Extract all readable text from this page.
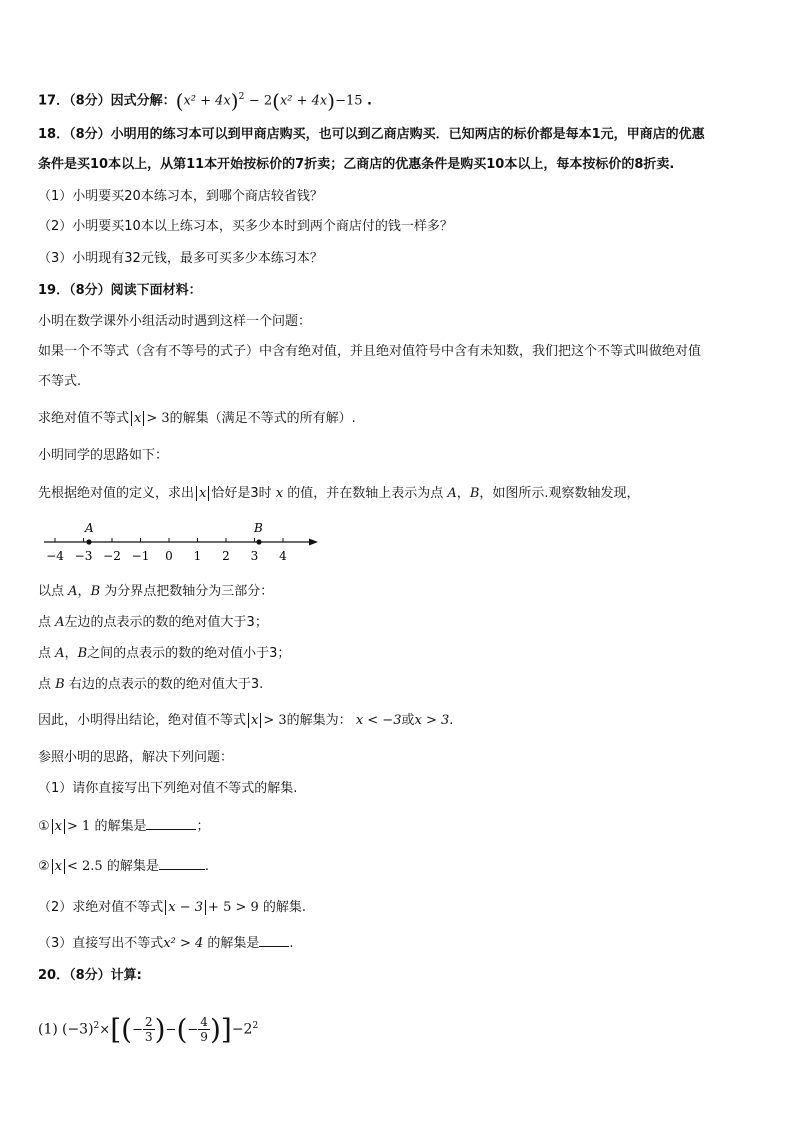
17．（8分）因式分解：$(x^2 + 4x)^2 - 2(x^2 + 4x)-15$ .
18．（8分）小明用的练习本可以到甲商店购买，也可以到乙商店购买．已知两店的标价都是每本1元，甲商店的优惠
条件是买10本以上，从第11本开始按标价的7折卖；乙商店的优惠条件是购买10本以上，每本按标价的8折卖.
（1）小明要买20本练习本，到哪个商店较省钱？
（2）小明要买10本以上练习本，买多少本时到两个商店付的钱一样多？
（3）小明现有32元钱，最多可买多少本练习本？
19．（8分）阅读下面材料：
小明在数学课外小组活动时遇到这样一个问题：
如果一个不等式（含有不等号的式子）中含有绝对值，并且绝对值符号中含有未知数，我们把这个不等式叫做绝对值
不等式.
求绝对值不等式 x > 3的解集（满足不等式的所有解）.
小明同学的思路如下：
先根据绝对值的定义，求出 x 恰好是3时 x 的值，并在数轴上表示为点 A，B，如图所示.观察数轴发现，
−4 −3 −2 −1 0 1 2 3 4
A	B
以点 A，B 为分界点把数轴分为三部分：
点 A左边的点表示的数的绝对值大于3；
点 A，B之间的点表示的数的绝对值小于3；
点 B 右边的点表示的数的绝对值大于3.
因此，小明得出结论，绝对值不等式 x > 3的解集为： x < −3或x > 3.
参照小明的思路，解决下列问题：
（1）请你直接写出下列绝对值不等式的解集.
① x > 1 的解集是	；
② x < 2.5 的解集是	.
（2）求绝对值不等式 x − 3 + 5 > 9 的解集.
（3）直接写出不等式x² > 4 的解集是 .
20．（8分）计算:
(1) $(-3)^2\times[(- \frac{2}{3}$ )−(− $\frac{4}{9} )]-2^2$
